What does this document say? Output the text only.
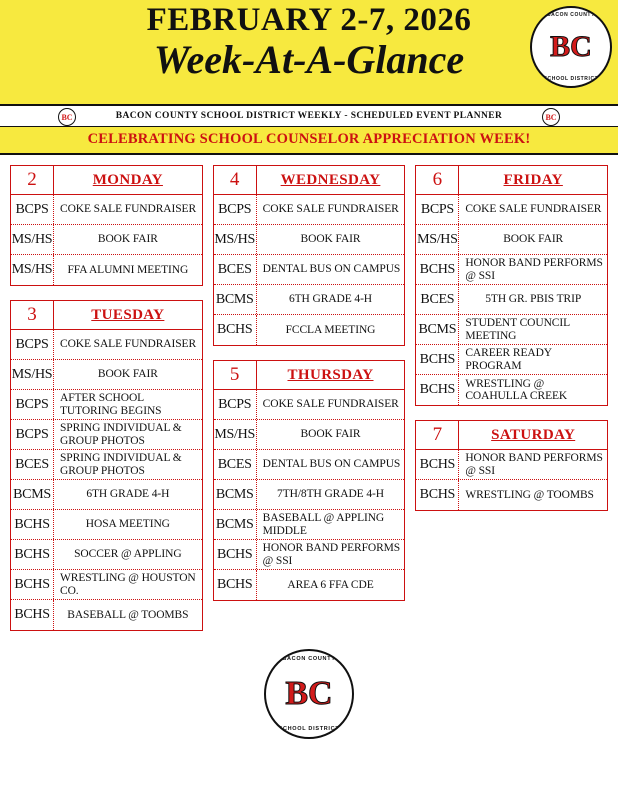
FEBRUARY 2-7, 2026
Week-At-A-Glance
BACON COUNTY
BC
SCHOOL DISTRICT
BC	BACON COUNTY SCHOOL DISTRICT WEEKLY - SCHEDULED EVENT PLANNER	BC
CELEBRATING SCHOOL COUNSELOR APPRECIATION WEEK!
2	MONDAY
BCPS COKE SALE FUNDRAISER
MS/HS	BOOK FAIR
MS/HS	FFA ALUMNI MEETING
3	TUESDAY
BCPS COKE SALE FUNDRAISER
MS/HS	BOOK FAIR
BCPS AFTER SCHOOL TUTORING BEGINS
BCPS SPRING INDIVIDUAL & GROUP PHOTOS
BCES SPRING INDIVIDUAL & GROUP PHOTOS
BCMS	6TH GRADE 4-H
BCHS	HOSA MEETING
BCHS	SOCCER @ APPLING
BCHS WRESTLING @ HOUSTON CO.
BCHS	BASEBALL @ TOOMBS
4	WEDNESDAY
BCPS COKE SALE FUNDRAISER
MS/HS	BOOK FAIR
BCES DENTAL BUS ON CAMPUS
BCMS	6TH GRADE 4-H
BCHS	FCCLA MEETING
5	THURSDAY
BCPS COKE SALE FUNDRAISER
MS/HS	BOOK FAIR
BCES DENTAL BUS ON CAMPUS
BCMS	7TH/8TH GRADE 4-H
BCMS BASEBALL @ APPLING MIDDLE
BCHS HONOR BAND PERFORMS @ SSI
BCHS	AREA 6 FFA CDE
6	FRIDAY
BCPS COKE SALE FUNDRAISER
MS/HS	BOOK FAIR
BCHS HONOR BAND PERFORMS @ SSI
BCES	5TH GR. PBIS TRIP
BCMS STUDENT COUNCIL MEETING
BCHS CAREER READY PROGRAM
BCHS WRESTLING @ COAHULLA CREEK
7	SATURDAY
BCHS HONOR BAND PERFORMS @ SSI
BCHS WRESTLING @ TOOMBS
BACON COUNTY
BC
SCHOOL DISTRICT
